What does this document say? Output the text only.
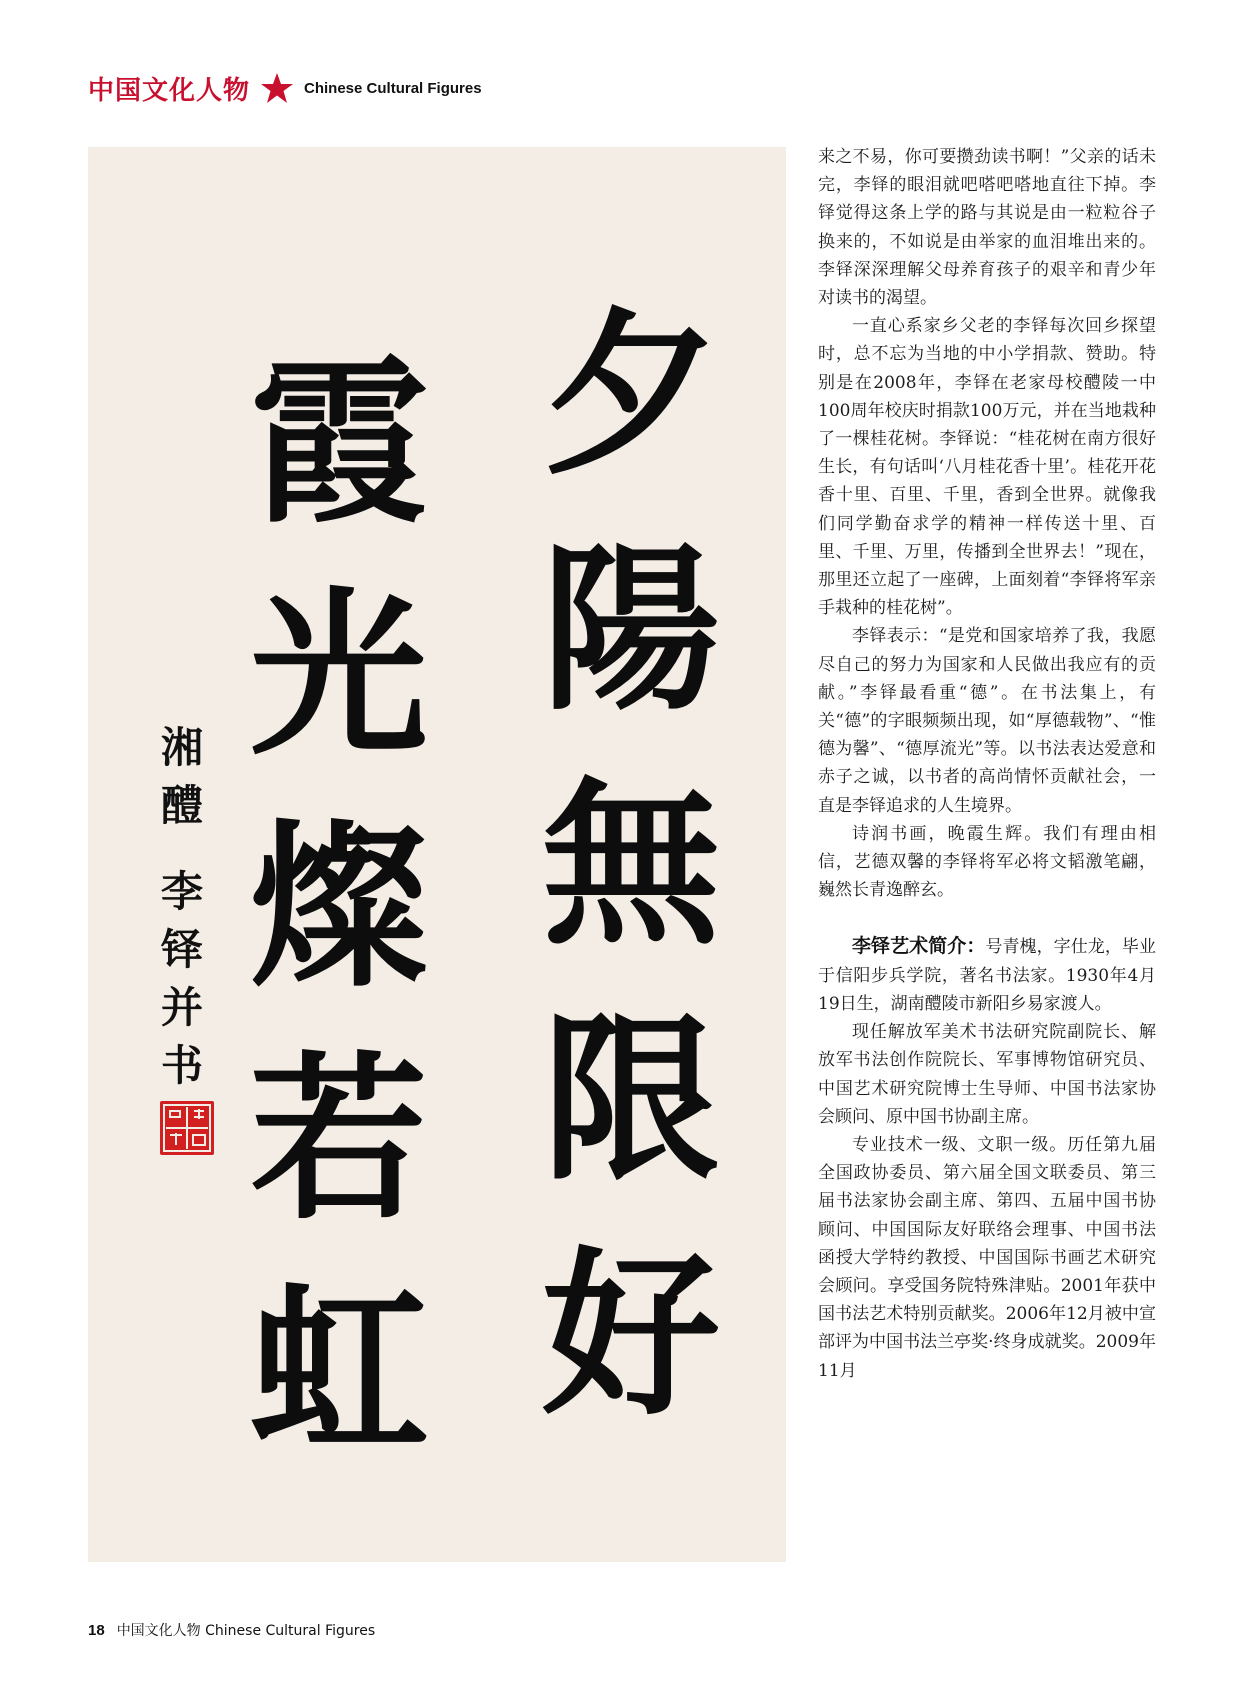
中国文化人物	Chinese Cultural Figures
夕
陽
無
限
好
霞
光
燦
若
虹
湘
醴
李
铎
并
书

来之不易，你可要攒劲读书啊！”父亲的话未完，李铎的眼泪就吧嗒吧嗒地直往下掉。李铎觉得这条上学的路与其说是由一粒粒谷子换来的，不如说是由举家的血泪堆出来的。李铎深深理解父母养育孩子的艰辛和青少年对读书的渴望。

一直心系家乡父老的李铎每次回乡探望时，总不忘为当地的中小学捐款、赞助。特别是在2008年，李铎在老家母校醴陵一中100周年校庆时捐款100万元，并在当地栽种了一棵桂花树。李铎说：“桂花树在南方很好生长，有句话叫‘八月桂花香十里’。桂花开花香十里、百里、千里，香到全世界。就像我们同学勤奋求学的精神一样传送十里、百里、千里、万里，传播到全世界去！”现在，那里还立起了一座碑，上面刻着“李铎将军亲手栽种的桂花树”。

李铎表示：“是党和国家培养了我，我愿尽自己的努力为国家和人民做出我应有的贡献。”李铎最看重“德”。在书法集上，有关“德”的字眼频频出现，如“厚德载物”、“惟德为馨”、“德厚流光”等。以书法表达爱意和赤子之诚，以书者的高尚情怀贡献社会，一直是李铎追求的人生境界。

诗润书画，晚霞生辉。我们有理由相信，艺德双馨的李铎将军必将文韬激笔翩，巍然长青逸醉玄。

李铎艺术简介：号青槐，字仕龙，毕业于信阳步兵学院，著名书法家。1930年4月19日生，湖南醴陵市新阳乡易家渡人。

现任解放军美术书法研究院副院长、解放军书法创作院院长、军事博物馆研究员、中国艺术研究院博士生导师、中国书法家协会顾问、原中国书协副主席。

专业技术一级、文职一级。历任第九届全国政协委员、第六届全国文联委员、第三届书法家协会副主席、第四、五届中国书协顾问、中国国际友好联络会理事、中国书法函授大学特约教授、中国国际书画艺术研究会顾问。享受国务院特殊津贴。2001年获中国书法艺术特别贡献奖。2006年12月被中宣部评为中国书法兰亭奖·终身成就奖。2009年11月

18 中国文化人物 Chinese Cultural Figures
